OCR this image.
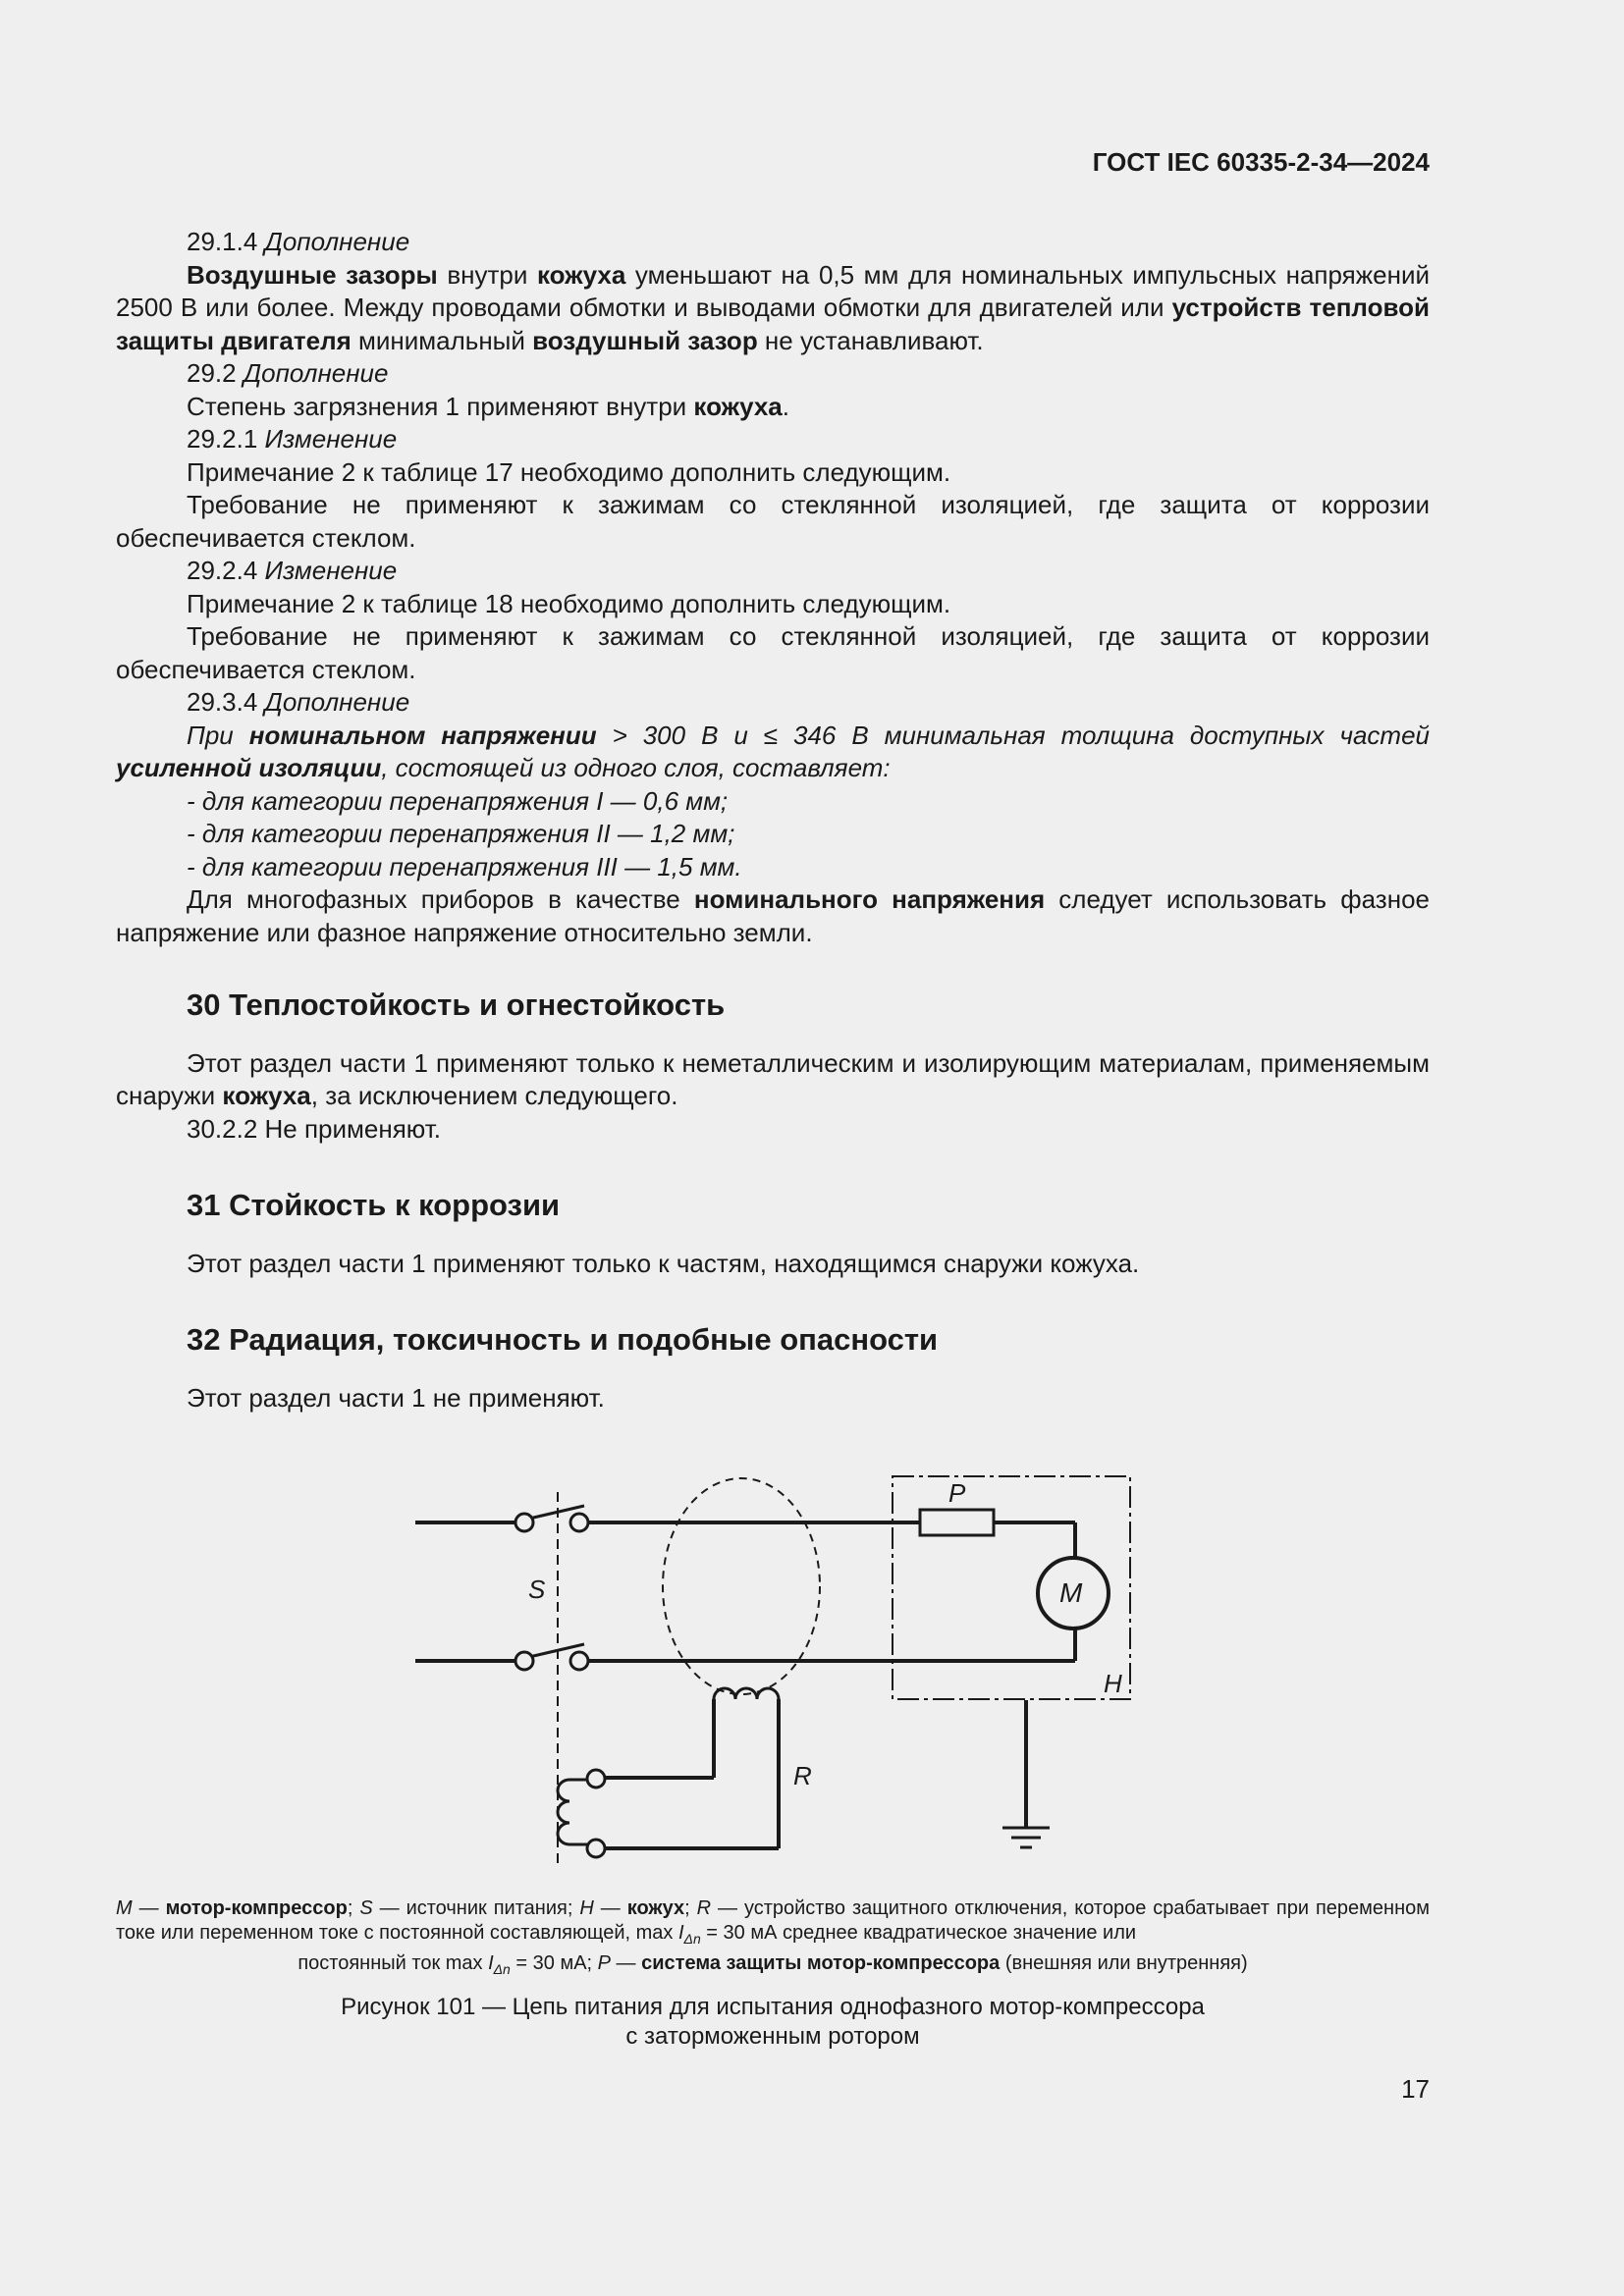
ГОСТ IEC 60335-2-34—2024

29.1.4 Дополнение

Воздушные зазоры внутри кожуха уменьшают на 0,5 мм для номинальных импульсных напряжений 2500 В или более. Между проводами обмотки и выводами обмотки для двигателей или устройств тепловой защиты двигателя минимальный воздушный зазор не устанавливают.

29.2 Дополнение

Степень загрязнения 1 применяют внутри кожуха.

29.2.1 Изменение

Примечание 2 к таблице 17 необходимо дополнить следующим.

Требование не применяют к зажимам со стеклянной изоляцией, где защита от коррозии обеспечивается стеклом.

29.2.4 Изменение

Примечание 2 к таблице 18 необходимо дополнить следующим.

Требование не применяют к зажимам со стеклянной изоляцией, где защита от коррозии обеспечивается стеклом.

29.3.4 Дополнение

При номинальном напряжении > 300 В и ≤ 346 В минимальная толщина доступных частей усиленной изоляции, состоящей из одного слоя, составляет:

- для категории перенапряжения I — 0,6 мм;

- для категории перенапряжения II — 1,2 мм;

- для категории перенапряжения III — 1,5 мм.

Для многофазных приборов в качестве номинального напряжения следует использовать фазное напряжение или фазное напряжение относительно земли.

30 Теплостойкость и огнестойкость

Этот раздел части 1 применяют только к неметаллическим и изолирующим материалам, применяемым снаружи кожуха, за исключением следующего.

30.2.2 Не применяют.

31 Стойкость к коррозии

Этот раздел части 1 применяют только к частям, находящимся снаружи кожуха.

32 Радиация, токсичность и подобные опасности

Этот раздел части 1 не применяют.

P
M
S
H
R
M — мотор-компрессор; S — источник питания; H — кожух; R — устройство защитного отключения, которое срабатывает при переменном токе или переменном токе с постоянной составляющей, $\max I_{\Delta n} = 30$ мА среднее квадратическое значение или
постоянный ток $\max I_{\Delta n} = 30$ мА; P — система защиты мотор-компрессора (внешняя или внутренняя)
Рисунок 101 — Цепь питания для испытания однофазного мотор-компрессора
с заторможенным ротором
17
